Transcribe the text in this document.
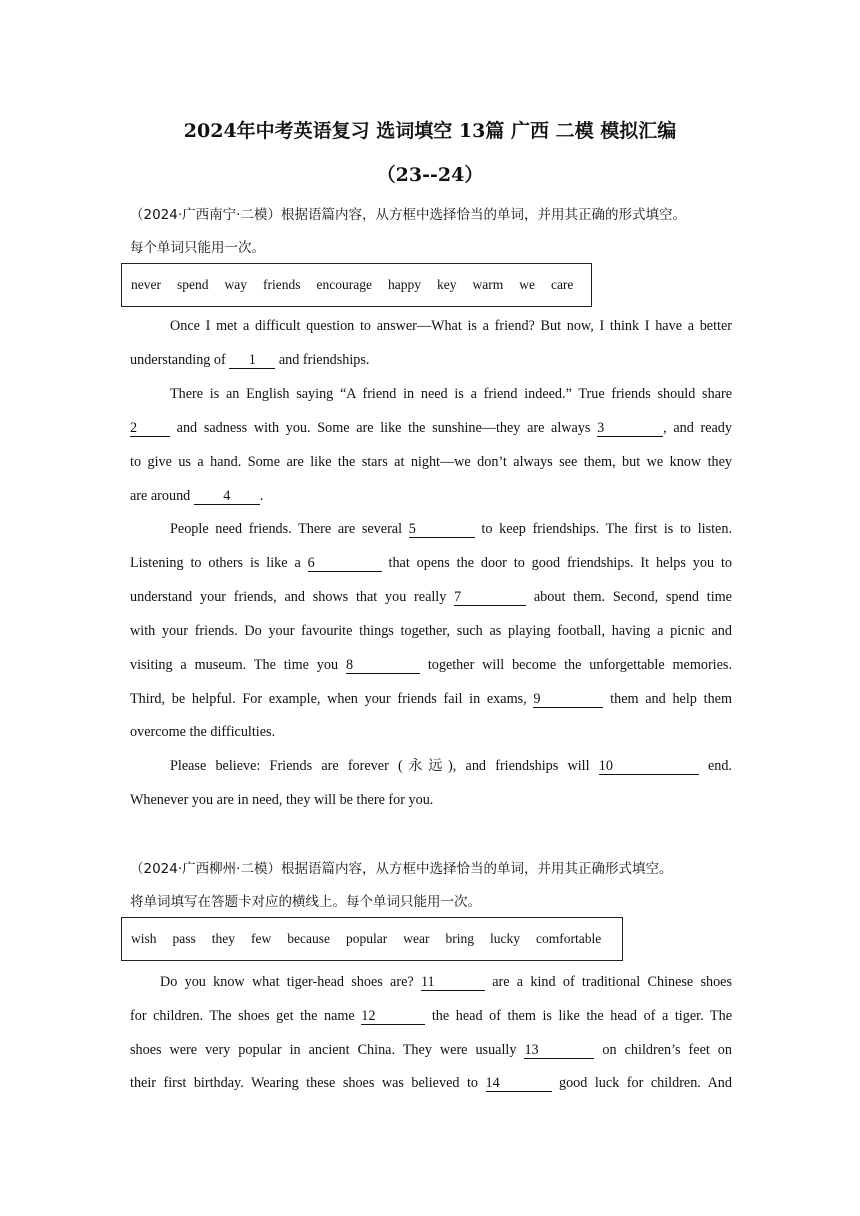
2024年中考英语复习 选词填空 13篇 广西 二模 模拟汇编
（23--24）
（2024·广西南宁·二模）根据语篇内容，从方框中选择恰当的单词，并用其正确的形式填空。
每个单词只能用一次。
never spend way friends encourage happy key warm we care
Once I met a difficult question to answer—What is a friend? But now, I think I have a better
understanding of 1 and friendships.
There is an English saying “A friend in need is a friend indeed.” True friends should share
2 and sadness with you. Some are like the sunshine—they are always 3	, and ready
to give us a hand. Some are like the stars at night—we don’t always see them, but we know they
are around 4 .
People need friends. There are several 5	to keep friendships. The first is to listen.
Listening to others is like a 6	that opens the door to good friendships. It helps you to
understand your friends, and shows that you really 7	about them. Second, spend time
with your friends. Do your favourite things together, such as playing football, having a picnic and
visiting a museum. The time you 8	together will become the unforgettable memories.
Third, be helpful. For example, when your friends fail in exams, 9	them and help them
overcome the difficulties.
Please believe: Friends are forever (永远), and friendships will 10	end.
Whenever you are in need, they will be there for you.
（2024·广西柳州·二模）根据语篇内容，从方框中选择恰当的单词，并用其正确形式填空。
将单词填写在答题卡对应的横线上。每个单词只能用一次。
wish pass they few because popular wear bring lucky comfortable
Do you know what tiger-head shoes are? 11	are a kind of traditional Chinese shoes
for children. The shoes get the name 12	the head of them is like the head of a tiger. The
shoes were very popular in ancient China. They were usually 13	on children’s feet on
their first birthday. Wearing these shoes was believed to 14	good luck for children. And
